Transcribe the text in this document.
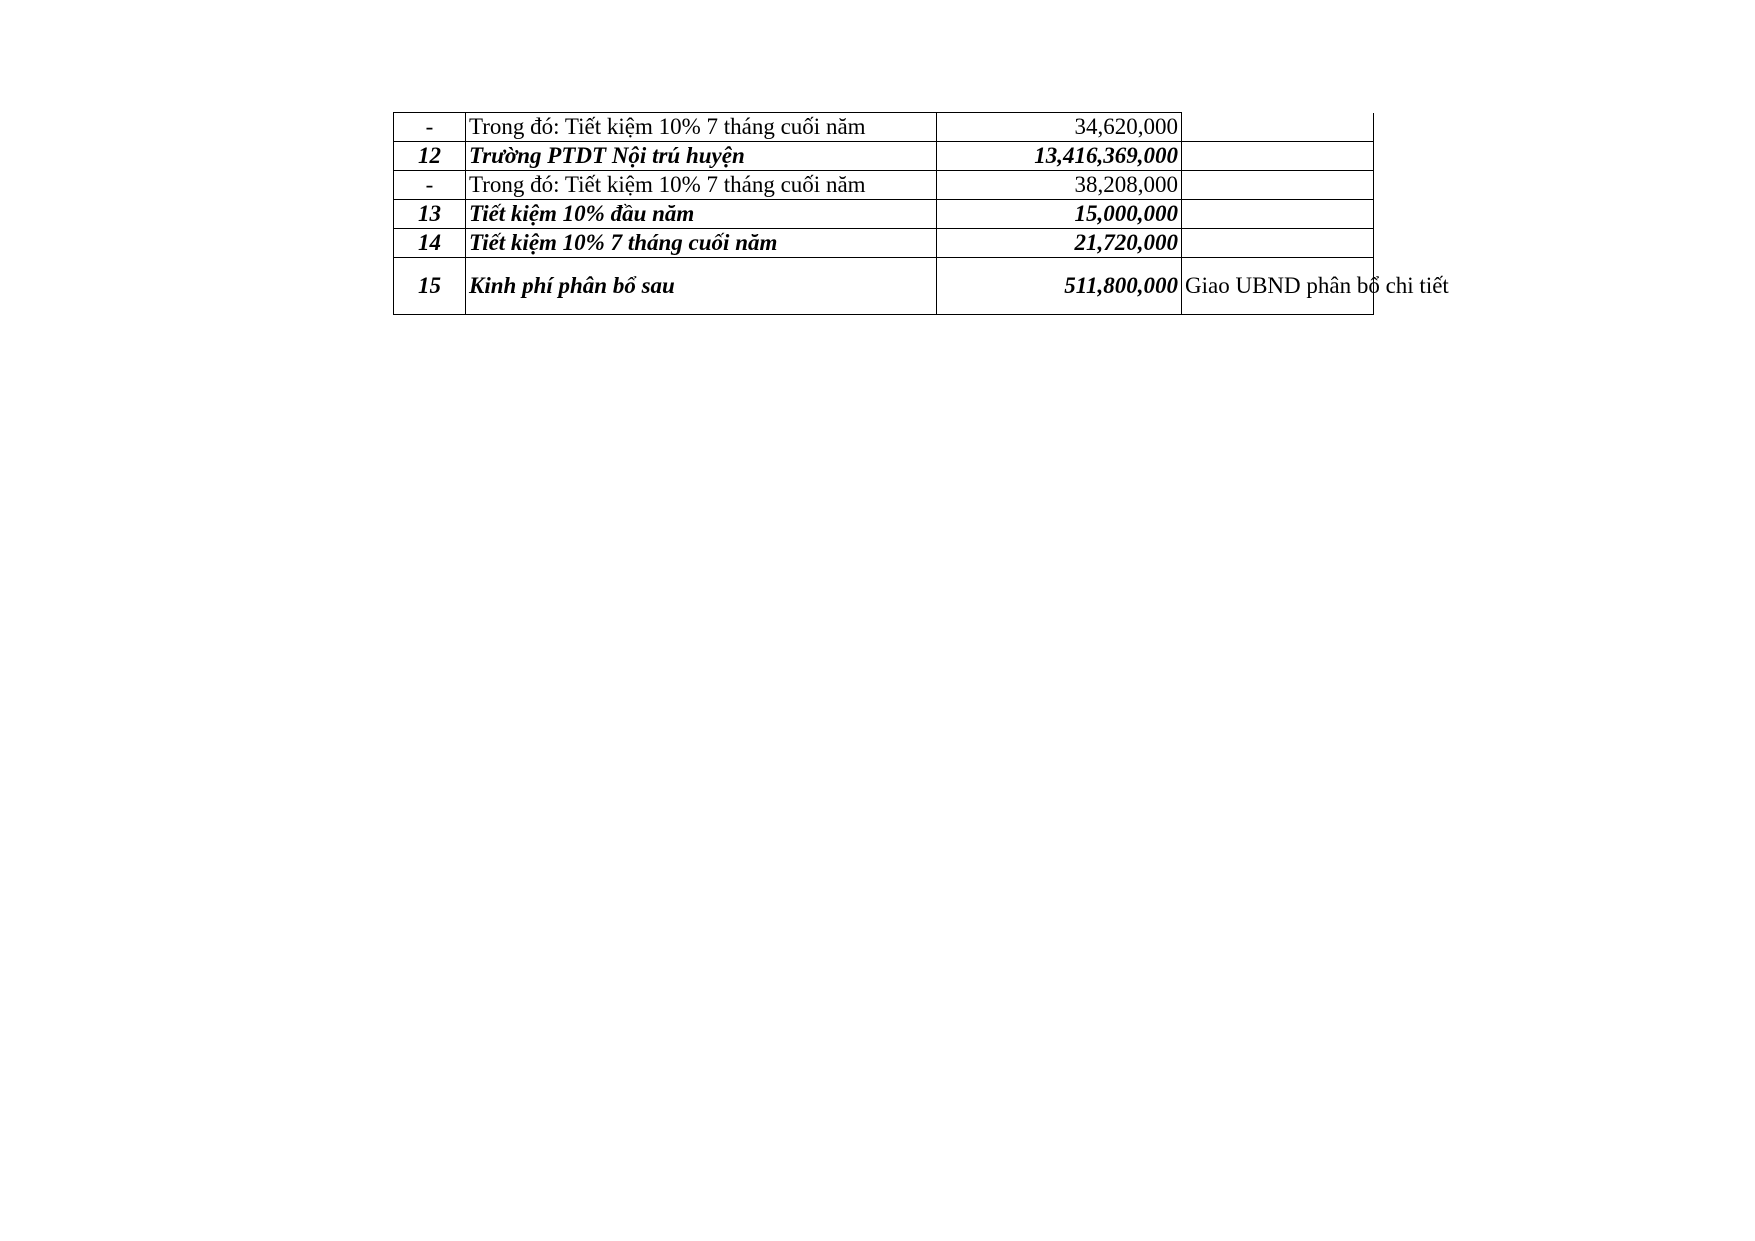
-	Trong đó: Tiết kiệm 10% 7 tháng cuối năm	34,620,000	
12	Trường PTDT Nội trú huyện	13,416,369,000	
-	Trong đó: Tiết kiệm 10% 7 tháng cuối năm	38,208,000	
13	Tiết kiệm 10% đầu năm	15,000,000	
14	Tiết kiệm 10% 7 tháng cuối năm	21,720,000	
15	Kinh phí phân bổ sau	511,800,000	Giao UBND phân bổ chi tiết
